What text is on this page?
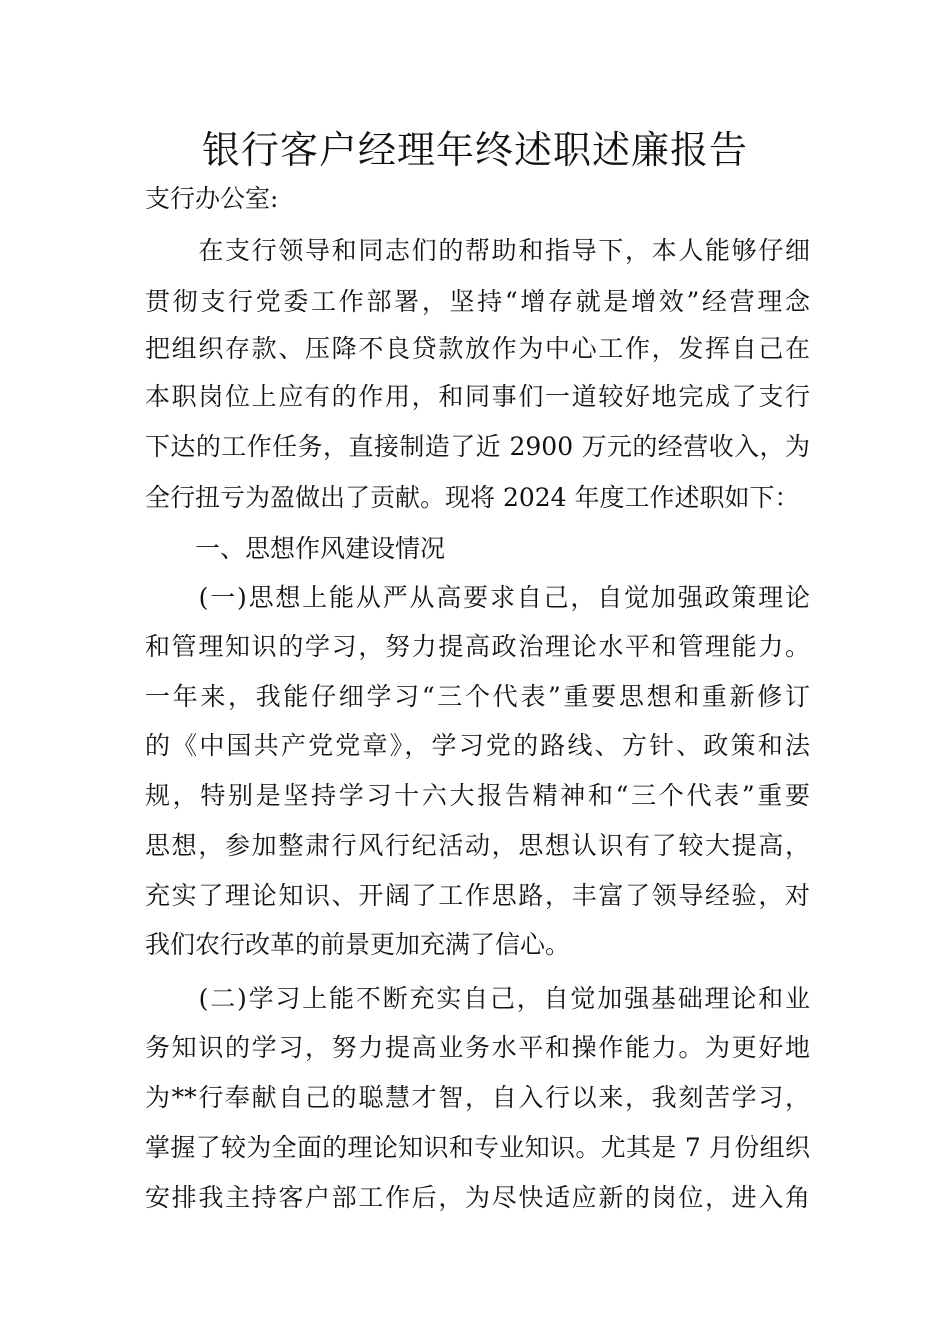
银行客户经理年终述职述廉报告
支行办公室:
　　在支行领导和同志们的帮助和指导下，本人能够仔细
贯彻支行党委工作部署，坚持“增存就是增效”经营理念
把组织存款、压降不良贷款放作为中心工作，发挥自己在
本职岗位上应有的作用，和同事们一道较好地完成了支行
下达的工作任务，直接制造了近 2900 万元的经营收入，为
全行扭亏为盈做出了贡献。现将 2024 年度工作述职如下：
　　一、思想作风建设情况
　　(一)思想上能从严从高要求自己，自觉加强政策理论
和管理知识的学习，努力提高政治理论水平和管理能力。
一年来，我能仔细学习“三个代表”重要思想和重新修订
的《中国共产党党章》，学习党的路线、方针、政策和法
规，特别是坚持学习十六大报告精神和“三个代表”重要
思想，参加整肃行风行纪活动，思想认识有了较大提高，
充实了理论知识、开阔了工作思路，丰富了领导经验，对
我们农行改革的前景更加充满了信心。
　　(二)学习上能不断充实自己，自觉加强基础理论和业
务知识的学习，努力提高业务水平和操作能力。为更好地
为**行奉献自己的聪慧才智，自入行以来，我刻苦学习，
掌握了较为全面的理论知识和专业知识。尤其是 7 月份组织
安排我主持客户部工作后，为尽快适应新的岗位，进入角
